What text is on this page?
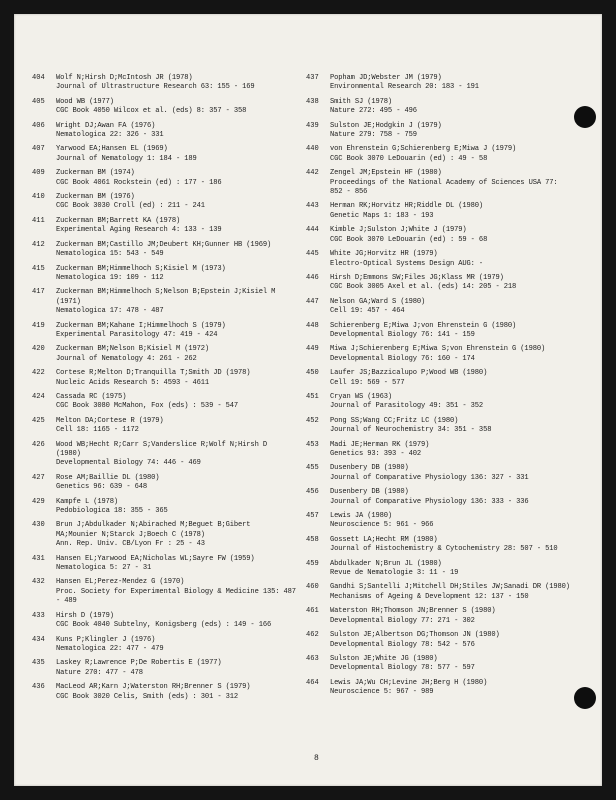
404	Wolf N;Hirsh D;McIntosh JR (1978)
Journal of Ultrastructure Research 63: 155 - 169
405	Wood WB (1977)
CGC Book 4050 Wilcox et al. (eds) 8: 357 - 358
406	Wright DJ;Awan FA (1976)
Nematologica 22: 326 - 331
407	Yarwood EA;Hansen EL (1969)
Journal of Nematology 1: 184 - 189
409	Zuckerman BM (1974)
CGC Book 4061 Rockstein (ed) : 177 - 186
410	Zuckerman BM (1976)
CGC Book 3030 Croll (ed) : 211 - 241
411	Zuckerman BM;Barrett KA (1978)
Experimental Aging Research 4: 133 - 139
412	Zuckerman BM;Castillo JM;Deubert KH;Gunner HB (1969)
Nematologica 15: 543 - 549
415	Zuckerman BM;Himmelhoch S;Kisiel M (1973)
Nematologica 19: 109 - 112
417	Zuckerman BM;Himmelhoch S;Nelson B;Epstein J;Kisiel M
(1971)
Nematologica 17: 478 - 487
419	Zuckerman BM;Kahane I;Himmelhoch S (1979)
Experimental Parasitology 47: 419 - 424
420	Zuckerman BM;Nelson B;Kisiel M (1972)
Journal of Nematology 4: 261 - 262
422	Cortese R;Melton D;Tranquilla T;Smith JD (1978)
Nucleic Acids Research 5: 4593 - 4611
424	Cassada RC (1975)
CGC Book 3080 McMahon, Fox (eds) : 539 - 547
425	Melton DA;Cortese R (1979)
Cell 18: 1165 - 1172
426	Wood WB;Hecht R;Carr S;Vanderslice R;Wolf N;Hirsh D
(1980)
Developmental Biology 74: 446 - 469
427	Rose AM;Baillie DL (1980)
Genetics 96: 639 - 648
429	Kampfe L (1978)
Pedobiologica 18: 355 - 365
430	Brun J;Abdulkader N;Abirached M;Beguet B;Gibert
MA;Mounier N;Starck J;Boech C (1978)
Ann. Rep. Univ. CB/Lyon Fr : 25 - 43
431	Hansen EL;Yarwood EA;Nicholas WL;Sayre FW (1959)
Nematologica 5: 27 - 31
432	Hansen EL;Perez-Mendez G (1970)
Proc. Society for Experimental Biology & Medicine 135: 487
- 489
433	Hirsh D (1979)
CGC Book 4040 Subtelny, Konigsberg (eds) : 149 - 166
434	Kuns P;Klingler J (1976)
Nematologica 22: 477 - 479
435	Laskey R;Lawrence P;De Robertis E (1977)
Nature 270: 477 - 478
436	MacLeod AR;Karn J;Waterston RH;Brenner S (1979)
CGC Book 3020 Celis, Smith (eds) : 301 - 312
437	Popham JD;Webster JM (1979)
Environmental Research 20: 183 - 191
438	Smith SJ (1978)
Nature 272: 495 - 496
439	Sulston JE;Hodgkin J (1979)
Nature 279: 758 - 759
440	von Ehrenstein G;Schierenberg E;Miwa J (1979)
CGC Book 3070 LeDouarin (ed) : 49 - 58
442	Zengel JM;Epstein HF (1980)
Proceedings of the National Academy of Sciences USA 77:
852 - 856
443	Herman RK;Horvitz HR;Riddle DL (1980)
Genetic Maps 1: 183 - 193
444	Kimble J;Sulston J;White J (1979)
CGC Book 3070 LeDouarin (ed) : 59 - 68
445	White JG;Horvitz HR (1979)
Electro-Optical Systems Design AUG: -
446	Hirsh D;Emmons SW;Files JG;Klass MR (1979)
CGC Book 3005 Axel et al. (eds) 14: 205 - 218
447	Nelson GA;Ward S (1980)
Cell 19: 457 - 464
448	Schierenberg E;Miwa J;von Ehrenstein G (1980)
Developmental Biology 76: 141 - 159
449	Miwa J;Schierenberg E;Miwa S;von Ehrenstein G (1980)
Developmental Biology 76: 160 - 174
450	Laufer JS;Bazzicalupo P;Wood WB (1980)
Cell 19: 569 - 577
451	Cryan WS (1963)
Journal of Parasitology 49: 351 - 352
452	Pong SS;Wang CC;Fritz LC (1980)
Journal of Neurochemistry 34: 351 - 358
453	Madi JE;Herman RK (1979)
Genetics 93: 393 - 402
455	Dusenbery DB (1980)
Journal of Comparative Physiology 136: 327 - 331
456	Dusenbery DB (1980)
Journal of Comparative Physiology 136: 333 - 336
457	Lewis JA (1980)
Neuroscience 5: 961 - 966
458	Gossett LA;Hecht RM (1980)
Journal of Histochemistry & Cytochemistry 28: 507 - 510
459	Abdulkader N;Brun JL (1980)
Revue de Nematologie 3: 11 - 19
460	Gandhi S;Santelli J;Mitchell DH;Stiles JW;Sanadi DR (1980)
Mechanisms of Ageing & Development 12: 137 - 150
461	Waterston RH;Thomson JN;Brenner S (1980)
Developmental Biology 77: 271 - 302
462	Sulston JE;Albertson DG;Thomson JN (1980)
Developmental Biology 78: 542 - 576
463	Sulston JE;White JG (1980)
Developmental Biology 78: 577 - 597
464	Lewis JA;Wu CH;Levine JH;Berg H (1980)
Neuroscience 5: 967 - 989
8
